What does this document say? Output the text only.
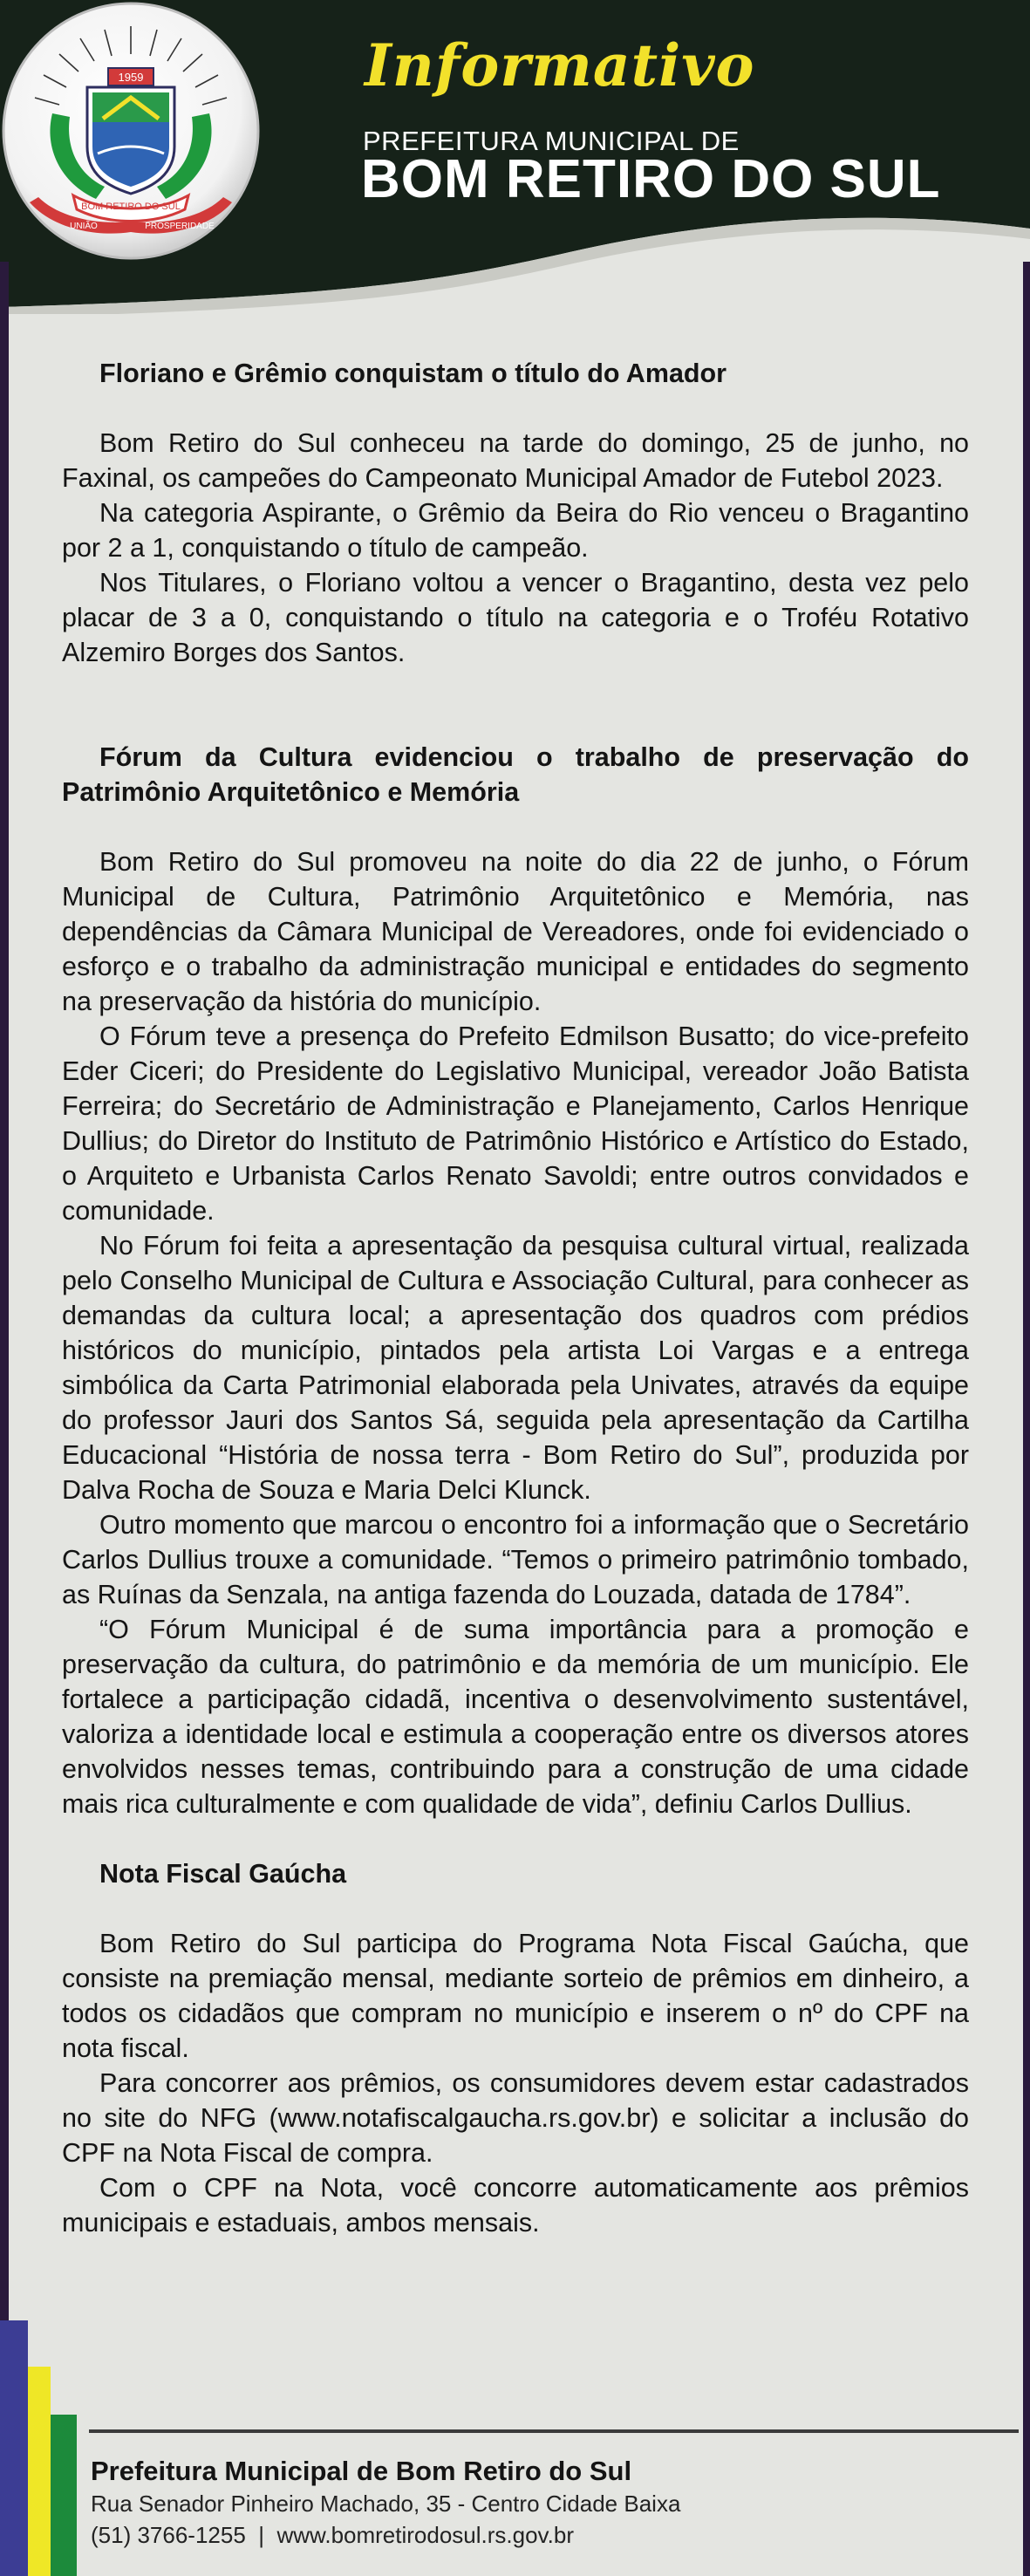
1959
BOM RETIRO DO SUL
UNIÃO	PROSPERIDADE
Informativo
PREFEITURA MUNICIPAL DE
BOM RETIRO DO SUL
Floriano e Grêmio conquistam o título do Amador

Bom Retiro do Sul conheceu na tarde do domingo, 25 de junho, no Faxinal, os campeões do Campeonato Municipal Amador de Futebol 2023.

Na categoria Aspirante, o Grêmio da Beira do Rio venceu o Bragantino por 2 a 1, conquistando o título de campeão.

Nos Titulares, o Floriano voltou a vencer o Bragantino, desta vez pelo placar de 3 a 0, conquistando o título na categoria e o Troféu Rotativo Alzemiro Borges dos Santos.

Fórum da Cultura evidenciou o trabalho de preservação do Patrimônio Arquitetônico e Memória

Bom Retiro do Sul promoveu na noite do dia 22 de junho, o Fórum Municipal de Cultura, Patrimônio Arquitetônico e Memória, nas dependências da Câmara Municipal de Vereadores, onde foi evidenciado o esforço e o trabalho da administração municipal e entidades do segmento na preservação da história do município.

O Fórum teve a presença do Prefeito Edmilson Busatto; do vice-prefeito Eder Ciceri; do Presidente do Legislativo Municipal, vereador João Batista Ferreira; do Secretário de Administração e Planejamento, Carlos Henrique Dullius; do Diretor do Instituto de Patrimônio Histórico e Artístico do Estado, o Arquiteto e Urbanista Carlos Renato Savoldi; entre outros convidados e comunidade.

No Fórum foi feita a apresentação da pesquisa cultural virtual, realizada pelo Conselho Municipal de Cultura e Associação Cultural, para conhecer as demandas da cultura local; a apresentação dos quadros com prédios históricos do município, pintados pela artista Loi Vargas e a entrega simbólica da Carta Patrimonial elaborada pela Univates, através da equipe do professor Jauri dos Santos Sá, seguida pela apresentação da Cartilha Educacional “História de nossa terra - Bom Retiro do Sul”, produzida por Dalva Rocha de Souza e Maria Delci Klunck.

Outro momento que marcou o encontro foi a informação que o Secretário Carlos Dullius trouxe a comunidade. “Temos o primeiro patrimônio tombado, as Ruínas da Senzala, na antiga fazenda do Louzada, datada de 1784”.

“O Fórum Municipal é de suma importância para a promoção e preservação da cultura, do patrimônio e da memória de um município. Ele fortalece a participação cidadã, incentiva o desenvolvimento sustentável, valoriza a identidade local e estimula a cooperação entre os diversos atores envolvidos nesses temas, contribuindo para a construção de uma cidade mais rica culturalmente e com qualidade de vida”, definiu Carlos Dullius.

Nota Fiscal Gaúcha

Bom Retiro do Sul participa do Programa Nota Fiscal Gaúcha, que consiste na premiação mensal, mediante sorteio de prêmios em dinheiro, a todos os cidadãos que compram no município e inserem o nº do CPF na nota fiscal.

Para concorrer aos prêmios, os consumidores devem estar cadastrados no site do NFG (www.notafiscalgaucha.rs.gov.br) e solicitar a inclusão do CPF na Nota Fiscal de compra.

Com o CPF na Nota, você concorre automaticamente aos prêmios municipais e estaduais, ambos mensais.

Prefeitura Municipal de Bom Retiro do Sul
Rua Senador Pinheiro Machado, 35 - Centro Cidade Baixa
(51) 3766-1255  |  www.bomretirodosul.rs.gov.br
